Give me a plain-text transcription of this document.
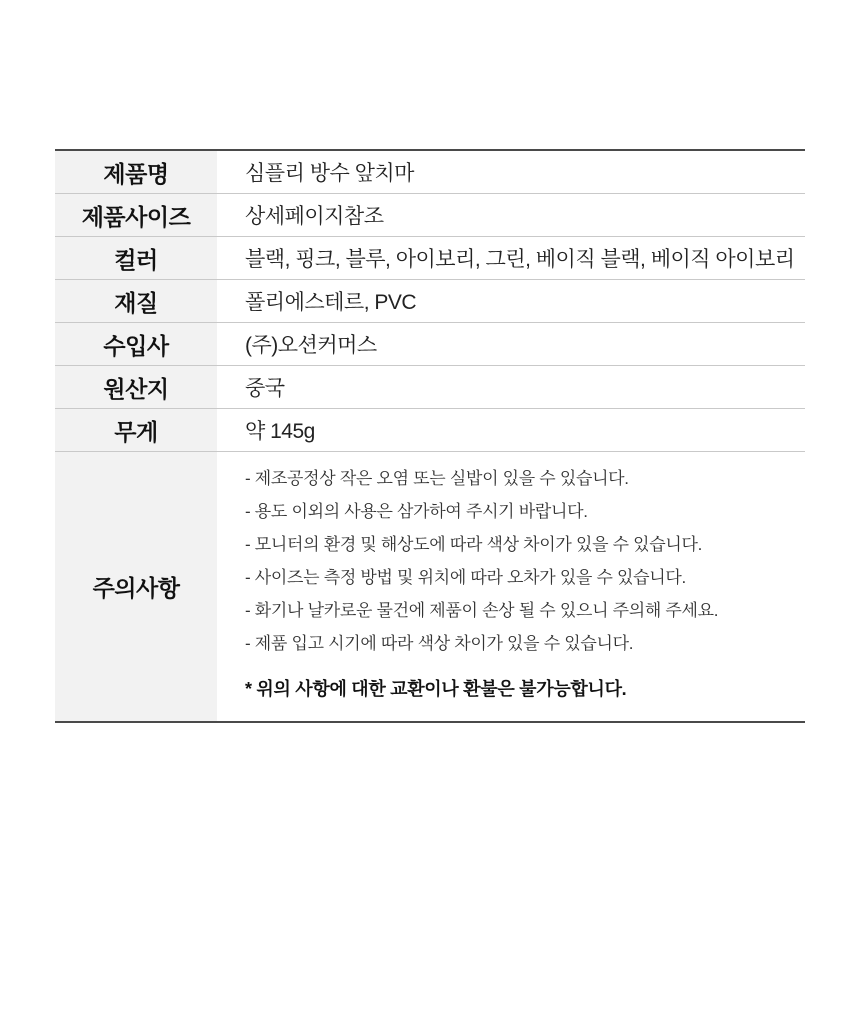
제품명	심플리 방수 앞치마
제품사이즈	상세페이지참조
컬러	블랙, 핑크, 블루, 아이보리, 그린, 베이직 블랙, 베이직 아이보리
재질	폴리에스테르, PVC
수입사	(주)오션커머스
원산지	중국
무게	약 145g
주의사항
- 제조공정상 작은 오염 또는 실밥이 있을 수 있습니다.
- 용도 이외의 사용은 삼가하여 주시기 바랍니다.
- 모니터의 환경 및 해상도에 따라 색상 차이가 있을 수 있습니다.
- 사이즈는 측정 방법 및 위치에 따라 오차가 있을 수 있습니다.
- 화기나 날카로운 물건에 제품이 손상 될 수 있으니 주의해 주세요.
- 제품 입고 시기에 따라 색상 차이가 있을 수 있습니다.
* 위의 사항에 대한 교환이나 환불은 불가능합니다.
